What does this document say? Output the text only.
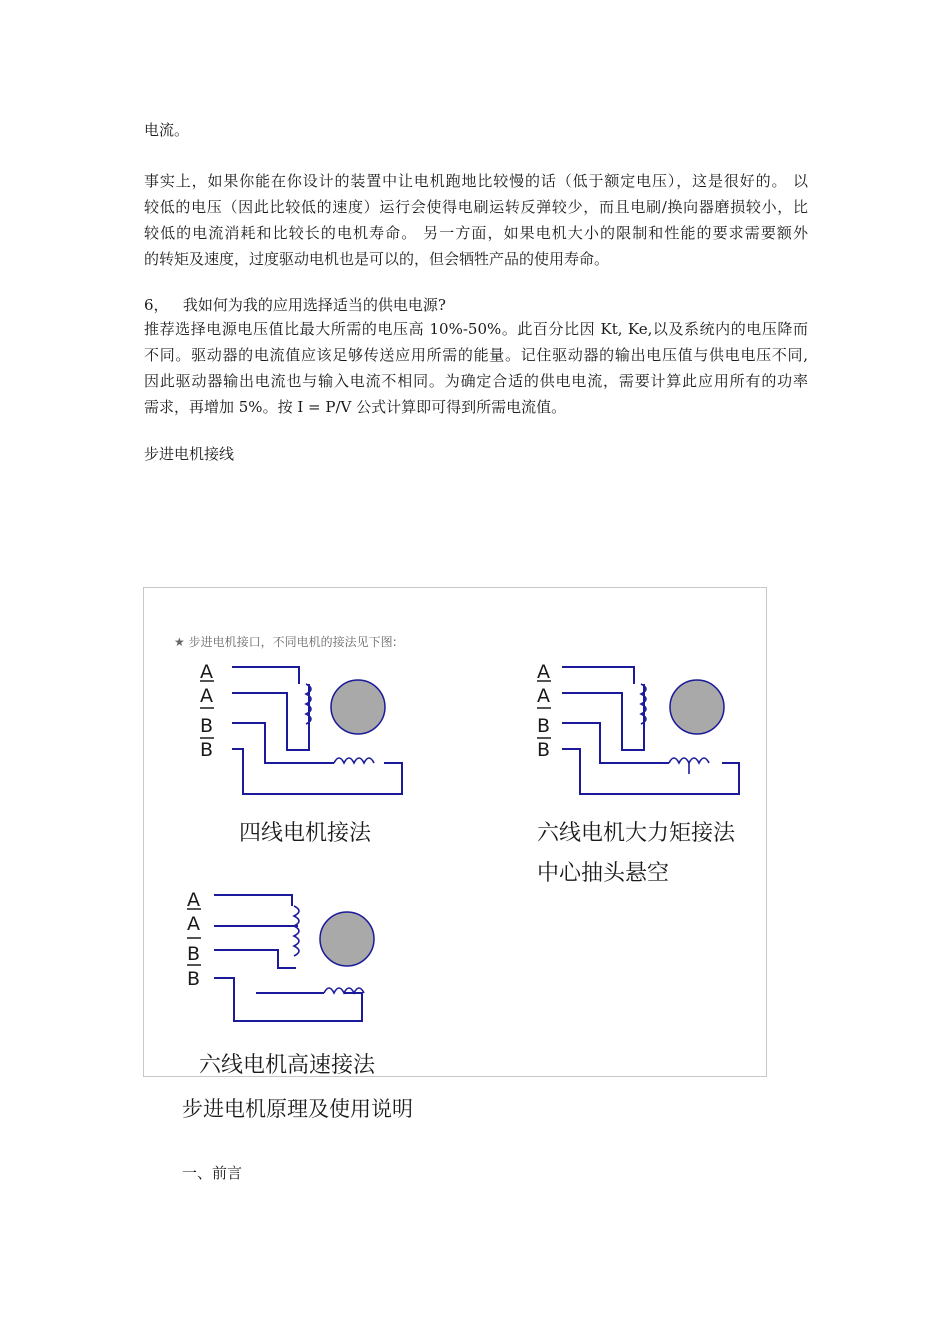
电流。

事实上，如果你能在你设计的装置中让电机跑地比较慢的话（低于额定电压），这是很好的。 以
较低的电压（因此比较低的速度）运行会使得电刷运转反弹较少，而且电刷/换向器磨损较小，比
较低的电流消耗和比较长的电机寿命。 另一方面，如果电机大小的限制和性能的要求需要额外
的转矩及速度，过度驱动电机也是可以的，但会牺牲产品的使用寿命。

6，   我如何为我的应用选择适当的供电电源?

推荐选择电源电压值比最大所需的电压高 10%-50%。此百分比因 Kt, Ke,以及系统内的电压降而
不同。驱动器的电流值应该足够传送应用所需的能量。记住驱动器的输出电压值与供电电压不同,
因此驱动器输出电流也与输入电流不相同。为确定合适的供电电流，需要计算此应用所有的功率
需求，再增加 5%。按 I = P/V 公式计算即可得到所需电流值。

步进电机接线

★ 步进电机接口，不同电机的接法见下图:
A
A
B
B
四线电机接法
A
A
B
B
六线电机大力矩接法
中心抽头悬空
A
A
B
B
六线电机高速接法
步进电机原理及使用说明

一、前言
